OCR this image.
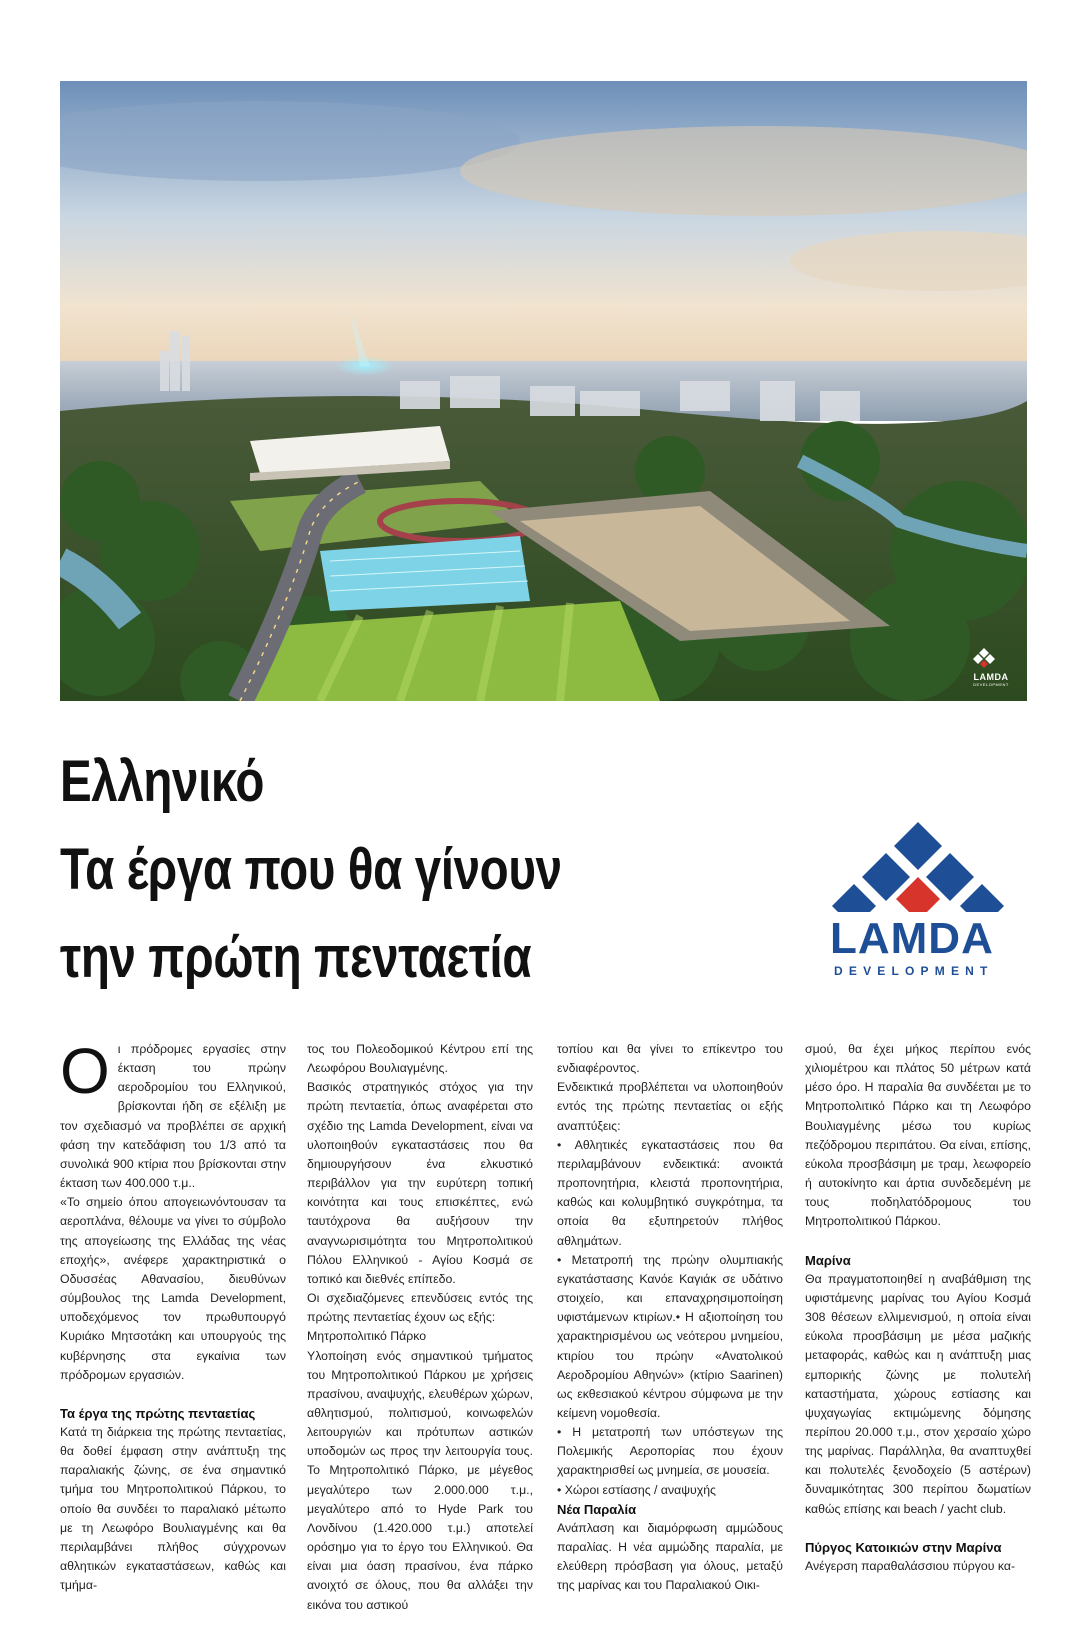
LAMDA
DEVELOPMENT
Ελληνικό
Τα έργα που θα γίνουν
την πρώτη πενταετία	LAMDA
DEVELOPMENT

Οι πρόδρομες εργασίες στην έκταση του πρώην αεροδρομίου του Ελληνικού, βρίσκονται ήδη σε εξέλιξη με τον σχεδιασμό να προβλέπει σε αρχική φάση την κατεδάφιση του 1/3 από τα συνολικά 900 κτίρια που βρίσκονται στην έκταση των 400.000 τ.μ..

«Το σημείο όπου απογειωνόντουσαν τα αεροπλάνα, θέλουμε να γίνει το σύμβολο της απογείωσης της Ελλάδας της νέας εποχής», ανέφερε χαρακτηριστικά ο Οδυσσέας Αθανασίου, διευθύνων σύμβουλος της Lamda Development, υποδεχόμενος τον πρωθυπουργό Κυριάκο Μητσοτάκη και υπουργούς της κυβέρνησης στα εγκαίνια των πρόδρομων εργασιών.

Τα έργα της πρώτης πενταετίας

Κατά τη διάρκεια της πρώτης πενταετίας, θα δοθεί έμφαση στην ανάπτυξη της παραλιακής ζώνης, σε ένα σημαντικό τμήμα του Μητροπολιτικού Πάρκου, το οποίο θα συνδέει το παραλιακό μέτωπο με τη Λεωφόρο Βουλιαγμένης και θα περιλαμβάνει πλήθος σύγχρονων αθλητικών εγκαταστάσεων, καθώς και τμήμα-

τος του Πολεοδομικού Κέντρου επί της Λεωφόρου Βουλιαγμένης.

Βασικός στρατηγικός στόχος για την πρώτη πενταετία, όπως αναφέρεται στο σχέδιο της Lamda Development, είναι να υλοποιηθούν εγκαταστάσεις που θα δημιουργήσουν ένα ελκυστικό περιβάλλον για την ευρύτερη τοπική κοινότητα και τους επισκέπτες, ενώ ταυτόχρονα θα αυξήσουν την αναγνωρισιμότητα του Μητροπολιτικού Πόλου Ελληνικού - Αγίου Κοσμά σε τοπικό και διεθνές επίπεδο.

Οι σχεδιαζόμενες επενδύσεις εντός της πρώτης πενταετίας έχουν ως εξής:

Μητροπολιτικό Πάρκο

Υλοποίηση ενός σημαντικού τμήματος του Μητροπολιτικού Πάρκου με χρήσεις πρασίνου, αναψυχής, ελευθέρων χώρων, αθλητισμού, πολιτισμού, κοινωφελών λειτουργιών και πρότυπων αστικών υποδομών ως προς την λειτουργία τους. Το Μητροπολιτικό Πάρκο, με μέγεθος μεγαλύτερο των 2.000.000 τ.μ., μεγαλύτερο από το Hyde Park του Λονδίνου (1.420.000 τ.μ.) αποτελεί ορόσημο για το έργο του Ελληνικού. Θα είναι μια όαση πρασίνου, ένα πάρκο ανοιχτό σε όλους, που θα αλλάξει την εικόνα του αστικού

τοπίου και θα γίνει το επίκεντρο του ενδιαφέροντος.

Ενδεικτικά προβλέπεται να υλοποιηθούν εντός της πρώτης πενταετίας οι εξής αναπτύξεις:

• Αθλητικές εγκαταστάσεις που θα περιλαμβάνουν ενδεικτικά: ανοικτά προπονητήρια, κλειστά προπονητήρια, καθώς και κολυμβητικό συγκρότημα, τα οποία θα εξυπηρετούν πλήθος αθλημάτων.

• Μετατροπή της πρώην ολυμπιακής εγκατάστασης Κανόε Καγιάκ σε υδάτινο στοιχείο, και επαναχρησιμοποίηση υφιστάμενων κτιρίων.• Η αξιοποίηση του χαρακτηρισμένου ως νεότερου μνημείου, κτιρίου του πρώην «Ανατολικού Αεροδρομίου Αθηνών» (κτίριο Saarinen) ως εκθεσιακού κέντρου σύμφωνα με την κείμενη νομοθεσία.

• Η μετατροπή των υπόστεγων της Πολεμικής Αεροπορίας που έχουν χαρακτηρισθεί ως μνημεία, σε μουσεία.

• Χώροι εστίασης / αναψυχής

Νέα Παραλία

Ανάπλαση και διαμόρφωση αμμώδους παραλίας. Η νέα αμμώδης παραλία, με ελεύθερη πρόσβαση για όλους, μεταξύ της μαρίνας και του Παραλιακού Οικι-

σμού, θα έχει μήκος περίπου ενός χιλιομέτρου και πλάτος 50 μέτρων κατά μέσο όρο. Η παραλία θα συνδέεται με το Μητροπολιτικό Πάρκο και τη Λεωφόρο Βουλιαγμένης μέσω του κυρίως πεζόδρομου περιπάτου. Θα είναι, επίσης, εύκολα προσβάσιμη με τραμ, λεωφορείο ή αυτοκίνητο και άρτια συνδεδεμένη με τους ποδηλατόδρομους του Μητροπολιτικού Πάρκου.

Μαρίνα

Θα πραγματοποιηθεί η αναβάθμιση της υφιστάμενης μαρίνας του Αγίου Κοσμά 308 θέσεων ελλιμενισμού, η οποία είναι εύκολα προσβάσιμη με μέσα μαζικής μεταφοράς, καθώς και η ανάπτυξη μιας εμπορικής ζώνης με πολυτελή καταστήματα, χώρους εστίασης και ψυχαγωγίας εκτιμώμενης δόμησης περίπου 20.000 τ.μ., στον χερσαίο χώρο της μαρίνας. Παράλληλα, θα αναπτυχθεί και πολυτελές ξενοδοχείο (5 αστέρων) δυναμικότητας 300 περίπου δωματίων καθώς επίσης και beach / yacht club.

Πύργος Κατοικιών στην Μαρίνα

Ανέγερση παραθαλάσσιου πύργου κα-
